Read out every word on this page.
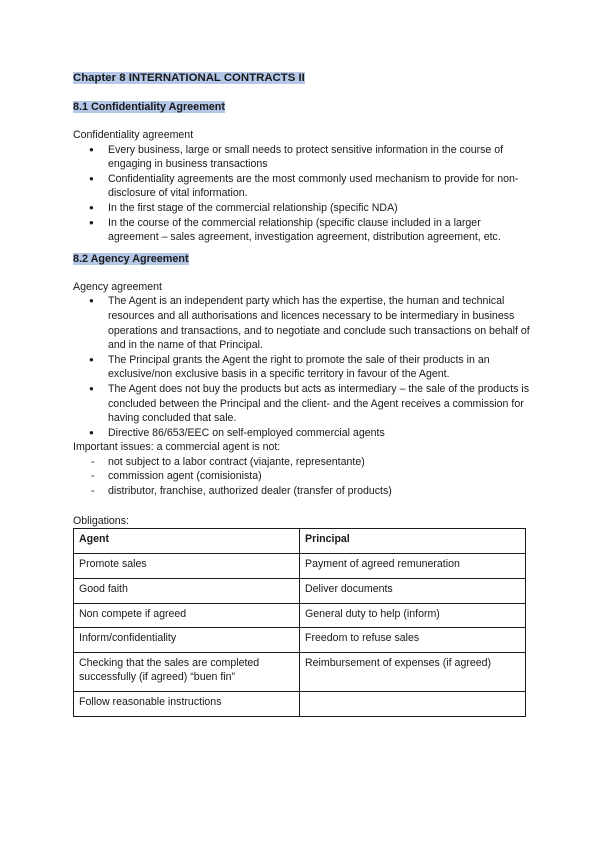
Chapter 8 INTERNATIONAL CONTRACTS II
8.1 Confidentiality Agreement

Confidentiality agreement

● Every business, large or small needs to protect sensitive information in the course of engaging in business transactions
● Confidentiality agreements are the most commonly used mechanism to provide for non-disclosure of vital information.
● In the first stage of the commercial relationship (specific NDA)
● In the course of the commercial relationship (specific clause included in a larger agreement – sales agreement, investigation agreement, distribution agreement, etc.
8.2 Agency Agreement

Agency agreement

● The Agent is an independent party which has the expertise, the human and technical resources and all authorisations and licences necessary to be intermediary in business operations and transactions, and to negotiate and conclude such transactions on behalf of and in the name of that Principal.
● The Principal grants the Agent the right to promote the sale of their products in an exclusive/non exclusive basis in a specific territory in favour of the Agent.
● The Agent does not buy the products but acts as intermediary – the sale of the products is concluded between the Principal and the client- and the Agent receives a commission for having concluded that sale.
● Directive 86/653/EEC on self-employed commercial agents

Important issues: a commercial agent is not:

- not subject to a labor contract (viajante, representante)
- commission agent (comisionista)
- distributor, franchise, authorized dealer (transfer of products)

Obligations:

Agent	Principal
Promote sales	Payment of agreed remuneration
Good faith	Deliver documents
Non compete if agreed	General duty to help (inform)
Inform/confidentiality	Freedom to refuse sales
Checking that the sales are completed successfully (if agreed) “buen fin”	Reimbursement of expenses (if agreed)
Follow reasonable instructions	
